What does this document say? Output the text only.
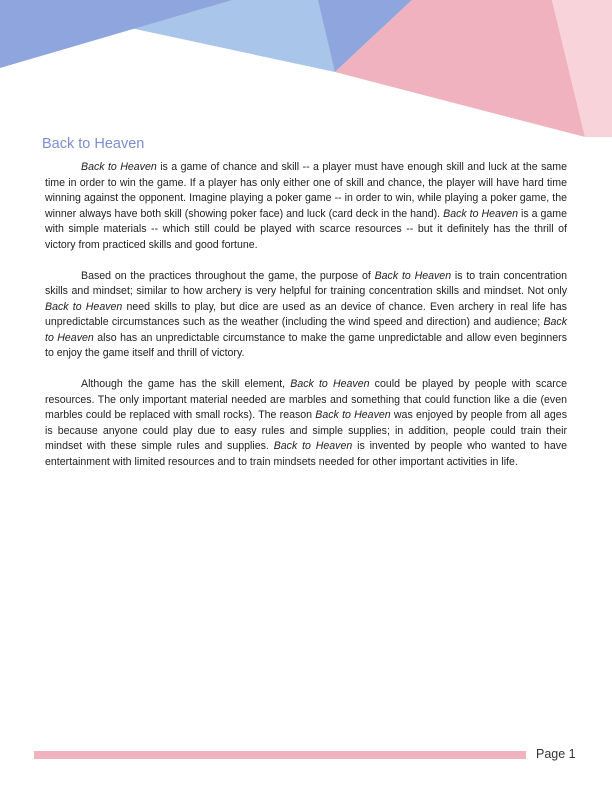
Back to Heaven

Back to Heaven is a game of chance and skill -- a player must have enough skill and luck at the same time in order to win the game. If a player has only either one of skill and chance, the player will have hard time winning against the opponent. Imagine playing a poker game -- in order to win, while playing a poker game, the winner always have both skill (showing poker face) and luck (card deck in the hand). Back to Heaven is a game with simple materials -- which still could be played with scarce resources -- but it definitely has the thrill of victory from practiced skills and good fortune.

Based on the practices throughout the game, the purpose of Back to Heaven is to train concentration skills and mindset; similar to how archery is very helpful for training concentration skills and mindset. Not only Back to Heaven need skills to play, but dice are used as an device of chance. Even archery in real life has unpredictable circumstances such as the weather (including the wind speed and direction) and audience; Back to Heaven also has an unpredictable circumstance to make the game unpredictable and allow even beginners to enjoy the game itself and thrill of victory.

Although the game has the skill element, Back to Heaven could be played by people with scarce resources. The only important material needed are marbles and something that could function like a die (even marbles could be replaced with small rocks). The reason Back to Heaven was enjoyed by people from all ages is because anyone could play due to easy rules and simple supplies; in addition, people could train their mindset with these simple rules and supplies. Back to Heaven is invented by people who wanted to have entertainment with limited resources and to train mindsets needed for other important activities in life.

Page 1
